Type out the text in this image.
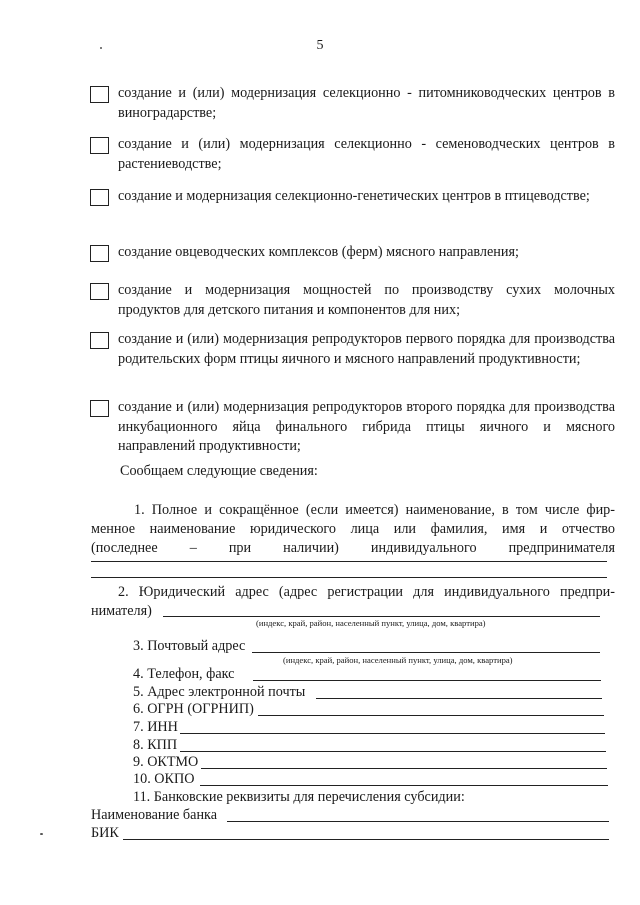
5
создание и (или) модернизация селекционно - питомниководческих центров в виноградарстве;
создание и (или) модернизация селекционно - семеноводческих центров в растениеводстве;
создание и модернизация селекционно-генетических центров в птицеводстве;
создание овцеводческих комплексов (ферм) мясного направления;
создание и модернизация мощностей по производству сухих молочных продуктов для детского питания и компонентов для них;
создание и (или) модернизация репродукторов первого порядка для производства родительских форм птицы яичного и мясного направлений продуктивности;
создание и (или) модернизация репродукторов второго порядка для производства инкубационного яйца финального гибрида птицы яичного и мясного направлений продуктивности;
Сообщаем следующие сведения:
1. Полное и сокращённое (если имеется) наименование, в том числе фир-
менное наименование юридического лица или фамилия, имя и отчество
(последнее – при наличии) индивидуального предпринимателя
2. Юридический адрес (адрес регистрации для индивидуального предпри-
нимателя)
(индекс, край, район, населенный пункт, улица, дом, квартира)
3. Почтовый адрес
(индекс, край, район, населенный пункт, улица, дом, квартира)
4. Телефон, факс
5. Адрес электронной почты
6. ОГРН (ОГРНИП)
7. ИНН
8. КПП
9. ОКТМО
10. ОКПО
11. Банковские реквизиты для перечисления субсидии:
Наименование банка
БИК
